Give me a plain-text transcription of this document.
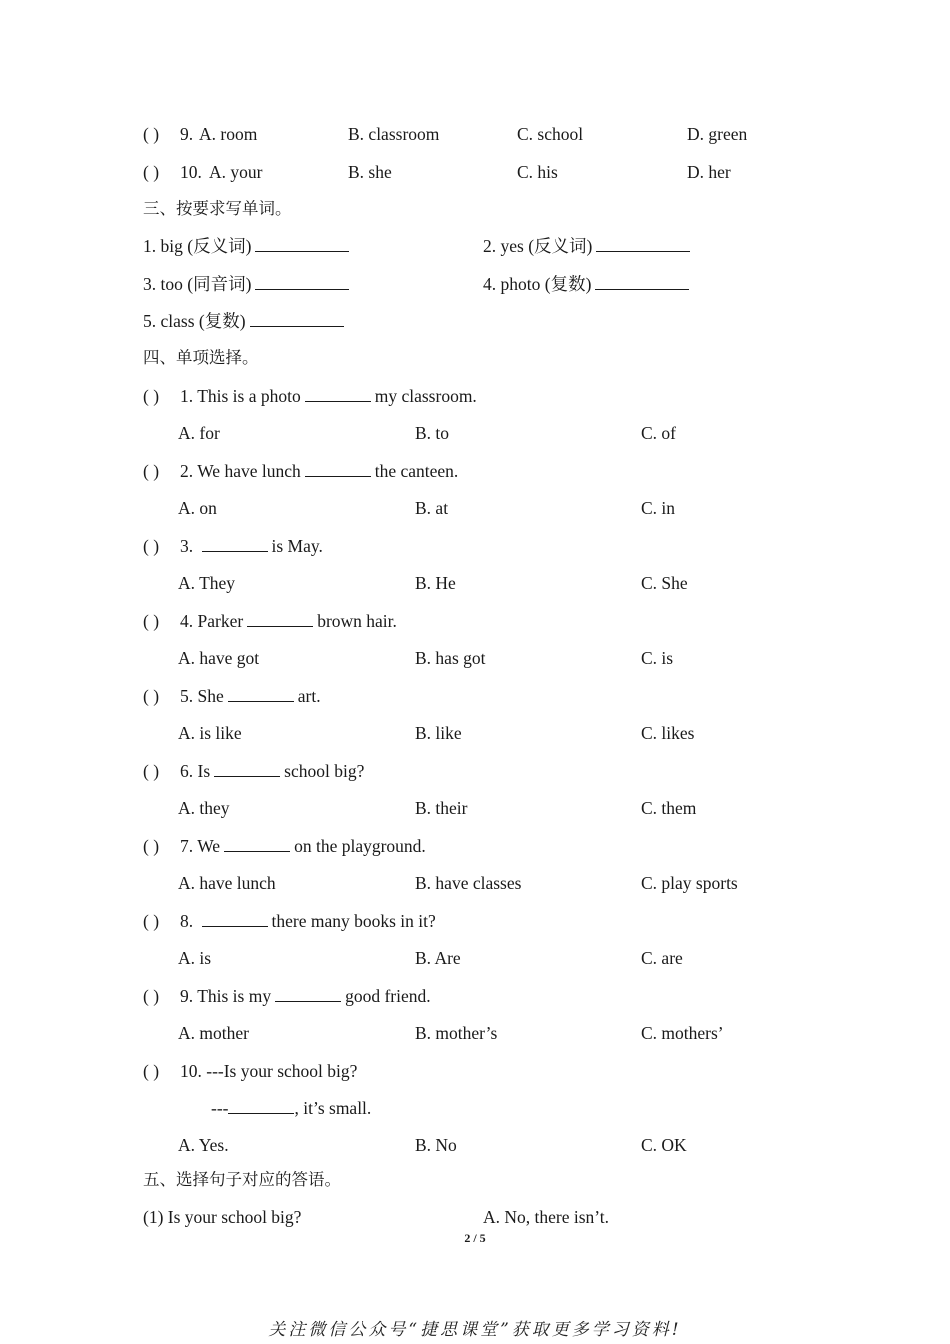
( ) 9. A. room	B. classroom	C. school	D. green
( ) 10. A. your	B. she	C. his	D. her
三、按要求写单词。
1. big (反义词)	2. yes (反义词)
3. too (同音词)	4. photo (复数)
5. class (复数)
四、单项选择。
( ) 1. This is a photo	my classroom.
A. for	B. to	C. of
( ) 2. We have lunch	the canteen.
A. on	B. at	C. in
( ) 3.	is May.
A. They	B. He	C. She
( ) 4. Parker	brown hair.
A. have got	B. has got	C. is
( ) 5. She	art.
A. is like	B. like	C. likes
( ) 6. Is	school big?
A. they	B. their	C. them
( ) 7. We	on the playground.
A. have lunch	B. have classes	C. play sports
( ) 8.	there many books in it?
A. is	B. Are	C. are
( ) 9. This is my	good friend.
A. mother	B. mother’s	C. mothers’
( ) 10. ---Is your school big?
---	, it’s small.
A. Yes.	B. No	C. OK
五、选择句子对应的答语。
(1) Is your school big?	A. No, there isn’t.
2 / 5
关注微信公众号“捷思课堂”获取更多学习资料!
